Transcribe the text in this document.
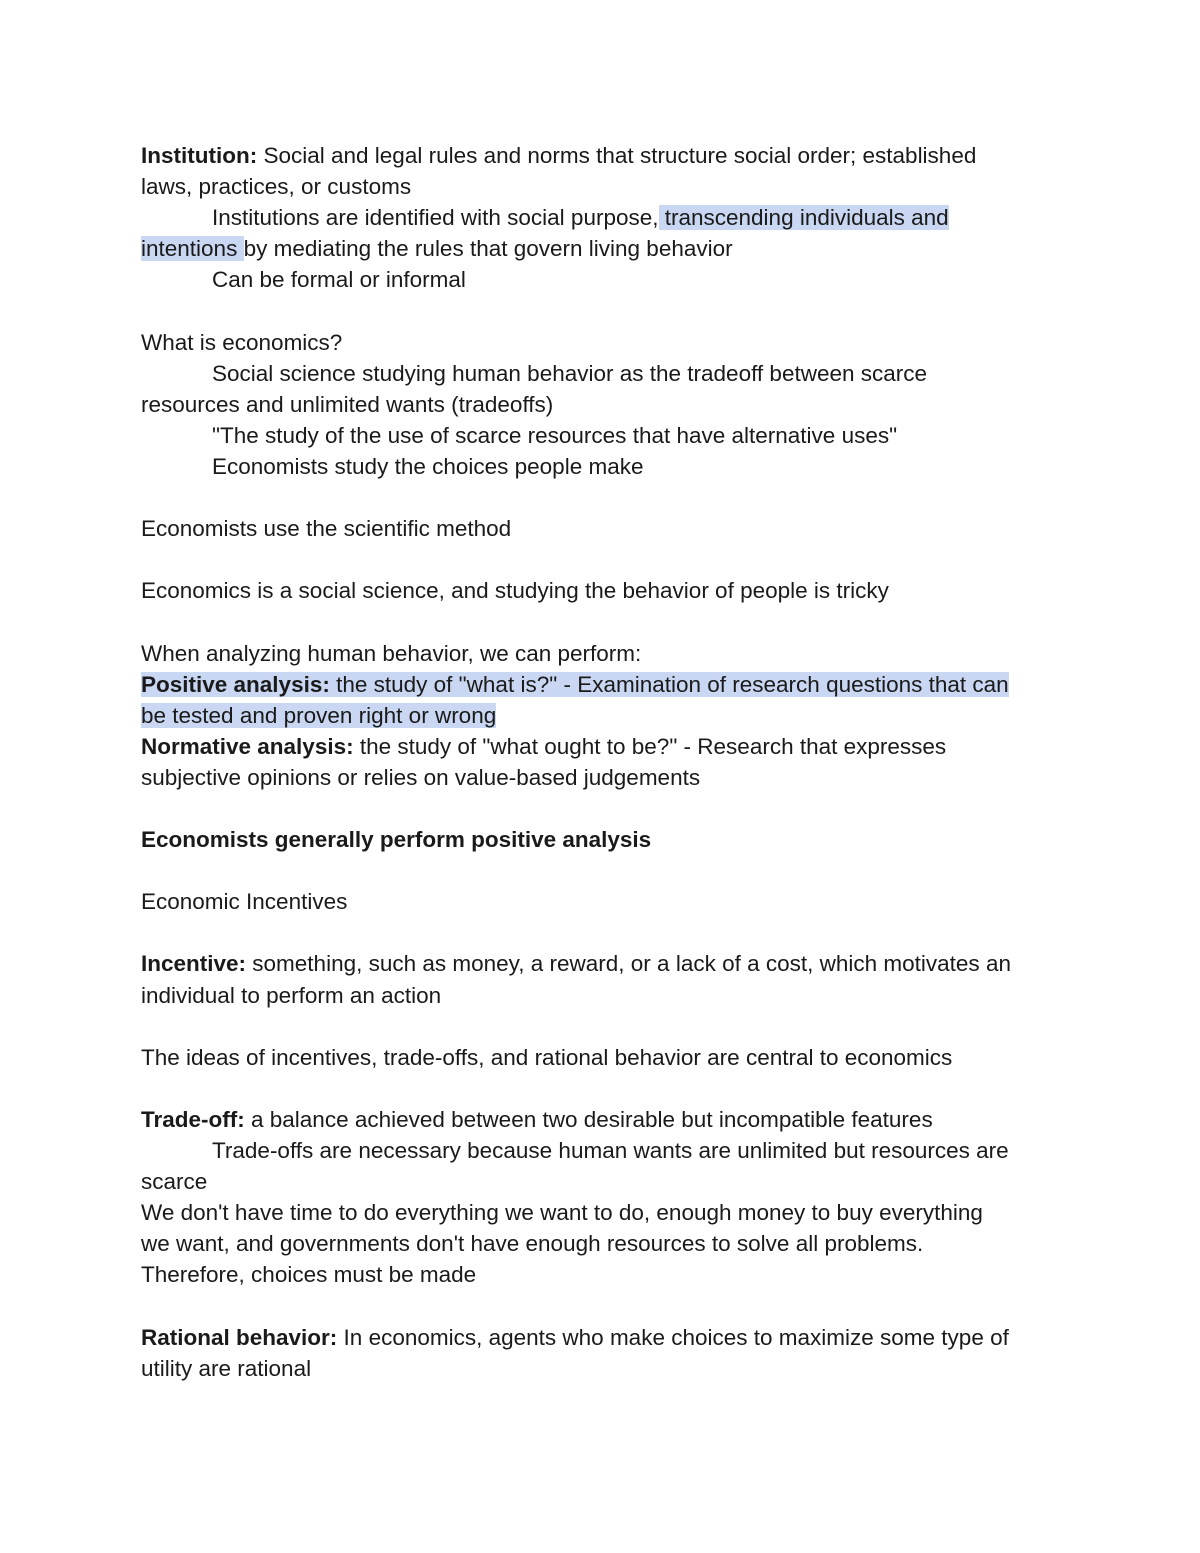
Institution: Social and legal rules and norms that structure social order; established
laws, practices, or customs
Institutions are identified with social purpose, transcending individuals and
intentions by mediating the rules that govern living behavior
Can be formal or informal
What is economics?
Social science studying human behavior as the tradeoff between scarce
resources and unlimited wants (tradeoffs)
"The study of the use of scarce resources that have alternative uses"
Economists study the choices people make
Economists use the scientific method
Economics is a social science, and studying the behavior of people is tricky
When analyzing human behavior, we can perform:
Positive analysis: the study of "what is?" - Examination of research questions that can
be tested and proven right or wrong
Normative analysis: the study of "what ought to be?" - Research that expresses
subjective opinions or relies on value-based judgements
Economists generally perform positive analysis
Economic Incentives
Incentive: something, such as money, a reward, or a lack of a cost, which motivates an
individual to perform an action
The ideas of incentives, trade-offs, and rational behavior are central to economics
Trade-off: a balance achieved between two desirable but incompatible features
Trade-offs are necessary because human wants are unlimited but resources are
scarce
We don't have time to do everything we want to do, enough money to buy everything
we want, and governments don't have enough resources to solve all problems.
Therefore, choices must be made
Rational behavior: In economics, agents who make choices to maximize some type of
utility are rational
